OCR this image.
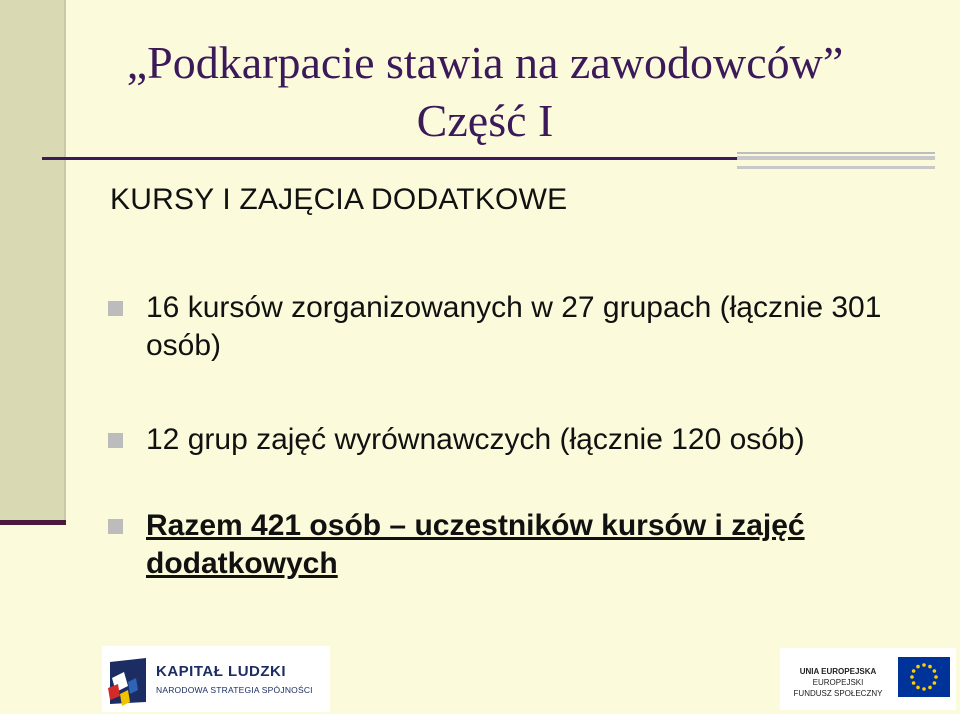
„Podkarpacie stawia na zawodowców”
Część I
KURSY I ZAJĘCIA DODATKOWE
16 kursów zorganizowanych w 27 grupach (łącznie 301 osób)
12 grup zajęć wyrównawczych (łącznie 120 osób)
Razem 421 osób – uczestników kursów i zajęć dodatkowych
KAPITAŁ LUDZKI
NARODOWA STRATEGIA SPÓJNOŚCI
UNIA EUROPEJSKA
EUROPEJSKI
FUNDUSZ SPOŁECZNY
